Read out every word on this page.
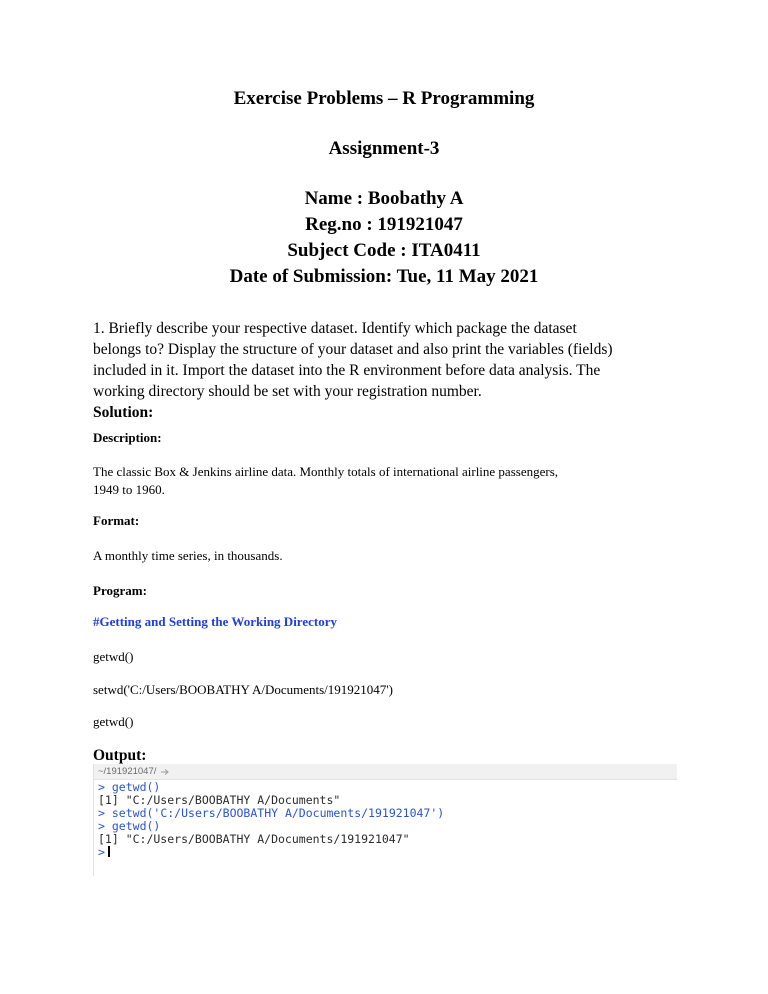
Exercise Problems – R Programming
Assignment-3
Name : Boobathy A
Reg.no : 191921047
Subject Code : ITA0411
Date of Submission: Tue, 11 May 2021
1. Briefly describe your respective dataset. Identify which package the dataset
belongs to? Display the structure of your dataset and also print the variables (fields)
included in it. Import the dataset into the R environment before data analysis. The
working directory should be set with your registration number.
Solution:
Description:
The classic Box & Jenkins airline data. Monthly totals of international airline passengers,
1949 to 1960.
Format:
A monthly time series, in thousands.
Program:
#Getting and Setting the Working Directory
getwd()
setwd('C:/Users/BOOBATHY A/Documents/191921047')
getwd()
Output:
~/191921047/
> getwd()
[1] "C:/Users/BOOBATHY A/Documents"
> setwd('C:/Users/BOOBATHY A/Documents/191921047')
> getwd()
[1] "C:/Users/BOOBATHY A/Documents/191921047"
>
